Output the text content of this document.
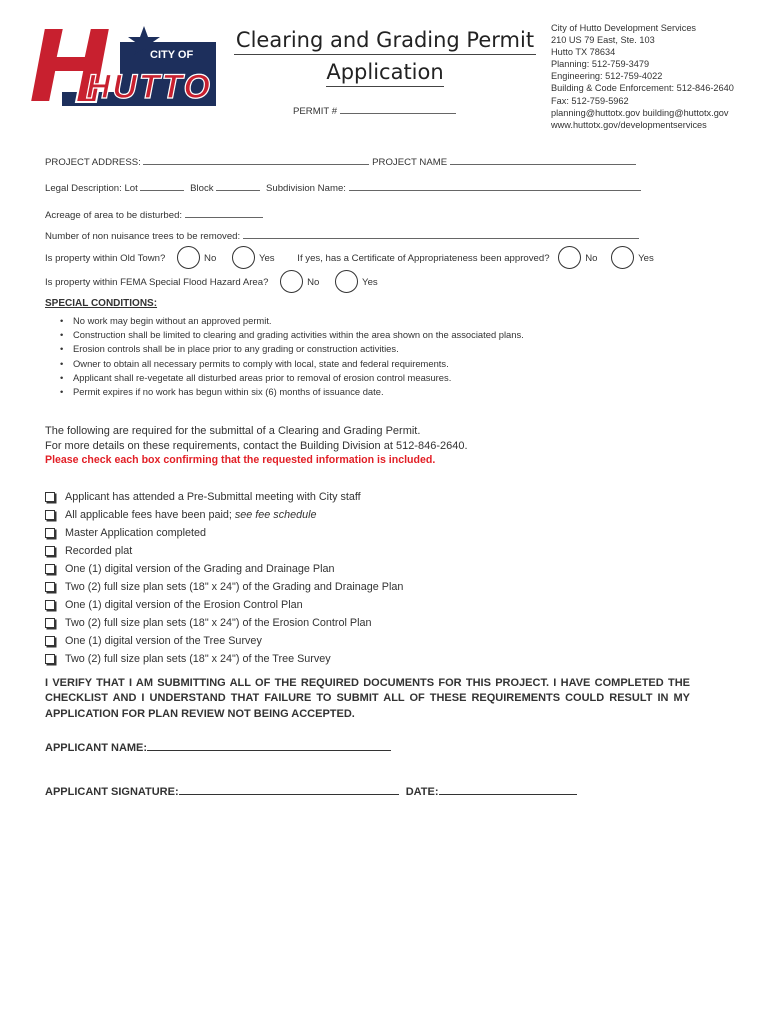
CITY OF
HUTTO
Clearing and Grading Permit
Application
PERMIT #
City of Hutto Development Services
210 US 79 East, Ste. 103
Hutto TX 78634
Planning: 512-759-3479
Engineering: 512-759-4022
Building & Code Enforcement: 512-846-2640
Fax: 512-759-5962
planning@huttotx.gov building@huttotx.gov
www.huttotx.gov/developmentservices
PROJECT ADDRESS:	PROJECT NAME
Legal Description: Lot	Block	Subdivision Name:
Acreage of area to be disturbed:
Number of non nuisance trees to be removed:
Is property within Old Town?	No	Yes If yes, has a Certificate of Appropriateness been approved?	No	Yes
Is property within FEMA Special Flood Hazard Area?	No	Yes
SPECIAL CONDITIONS:
• No work may begin without an approved permit.
• Construction shall be limited to clearing and grading activities within the area shown on the associated plans.
• Erosion controls shall be in place prior to any grading or construction activities.
• Owner to obtain all necessary permits to comply with local, state and federal requirements.
• Applicant shall re-vegetate all disturbed areas prior to removal of erosion control measures.
• Permit expires if no work has begun within six (6) months of issuance date.
The following are required for the submittal of a Clearing and Grading Permit.
For more details on these requirements, contact the Building Division at 512-846-2640.
Please check each box confirming that the requested information is included.
Applicant has attended a Pre-Submittal meeting with City staff
All applicable fees have been paid; see fee schedule
Master Application completed
Recorded plat
One (1) digital version of the Grading and Drainage Plan
Two (2) full size plan sets (18" x 24") of the Grading and Drainage Plan
One (1) digital version of the Erosion Control Plan
Two (2) full size plan sets (18" x 24") of the Erosion Control Plan
One (1) digital version of the Tree Survey
Two (2) full size plan sets (18" x 24") of the Tree Survey
I VERIFY THAT I AM SUBMITTING ALL OF THE REQUIRED DOCUMENTS FOR THIS PROJECT. I HAVE COMPLETED THE CHECKLIST AND I UNDERSTAND THAT FAILURE TO SUBMIT ALL OF THESE REQUIREMENTS COULD RESULT IN MY APPLICATION FOR PLAN REVIEW NOT BEING ACCEPTED.
APPLICANT NAME:
APPLICANT SIGNATURE:	DATE:
